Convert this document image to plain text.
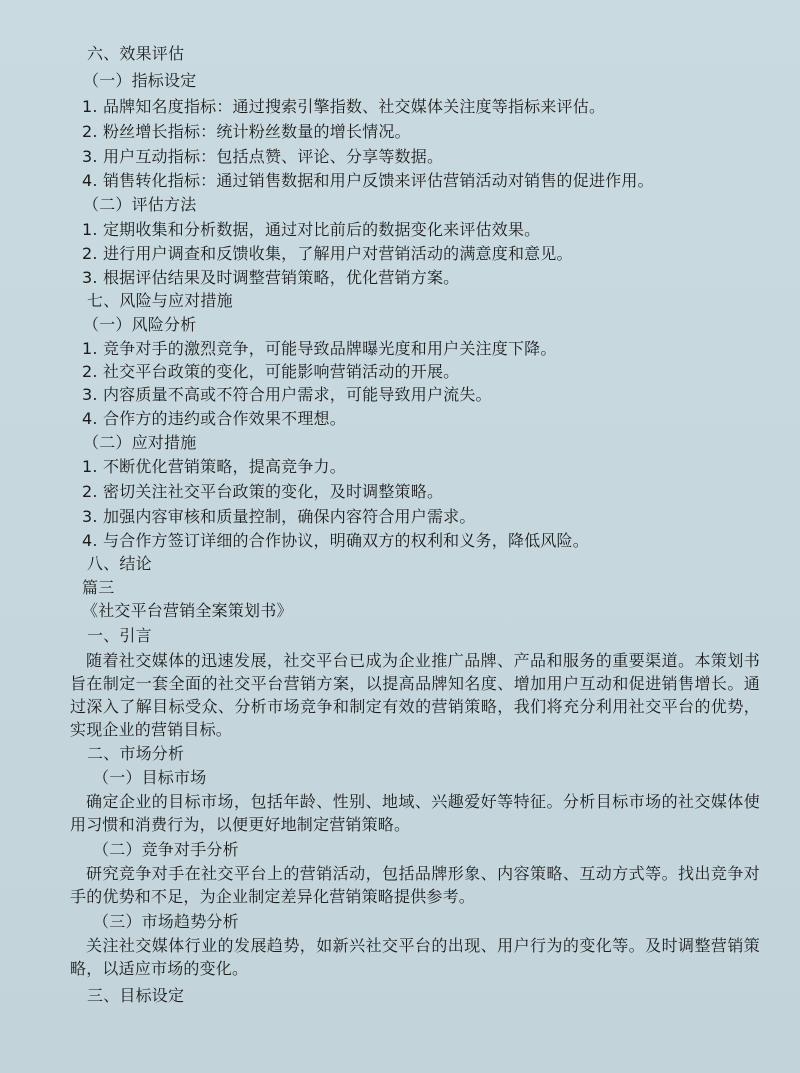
六、效果评估
（一）指标设定
1. 品牌知名度指标：通过搜索引擎指数、社交媒体关注度等指标来评估。
2. 粉丝增长指标：统计粉丝数量的增长情况。
3. 用户互动指标：包括点赞、评论、分享等数据。
4. 销售转化指标：通过销售数据和用户反馈来评估营销活动对销售的促进作用。
（二）评估方法
1. 定期收集和分析数据，通过对比前后的数据变化来评估效果。
2. 进行用户调查和反馈收集，了解用户对营销活动的满意度和意见。
3. 根据评估结果及时调整营销策略，优化营销方案。
七、风险与应对措施
（一）风险分析
1. 竞争对手的激烈竞争，可能导致品牌曝光度和用户关注度下降。
2. 社交平台政策的变化，可能影响营销活动的开展。
3. 内容质量不高或不符合用户需求，可能导致用户流失。
4. 合作方的违约或合作效果不理想。
（二）应对措施
1. 不断优化营销策略，提高竞争力。
2. 密切关注社交平台政策的变化，及时调整策略。
3. 加强内容审核和质量控制，确保内容符合用户需求。
4. 与合作方签订详细的合作协议，明确双方的权利和义务，降低风险。
八、结论
篇三
《社交平台营销全案策划书》
一、引言
随着社交媒体的迅速发展，社交平台已成为企业推广品牌、产品和服务的重要渠道。本策划书旨在制定一套全面的社交平台营销方案，以提高品牌知名度、增加用户互动和促进销售增长。通过深入了解目标受众、分析市场竞争和制定有效的营销策略，我们将充分利用社交平台的优势，实现企业的营销目标。
二、市场分析
（一）目标市场
确定企业的目标市场，包括年龄、性别、地域、兴趣爱好等特征。分析目标市场的社交媒体使用习惯和消费行为，以便更好地制定营销策略。
（二）竞争对手分析
研究竞争对手在社交平台上的营销活动，包括品牌形象、内容策略、互动方式等。找出竞争对手的优势和不足，为企业制定差异化营销策略提供参考。
（三）市场趋势分析
关注社交媒体行业的发展趋势，如新兴社交平台的出现、用户行为的变化等。及时调整营销策略，以适应市场的变化。
三、目标设定
